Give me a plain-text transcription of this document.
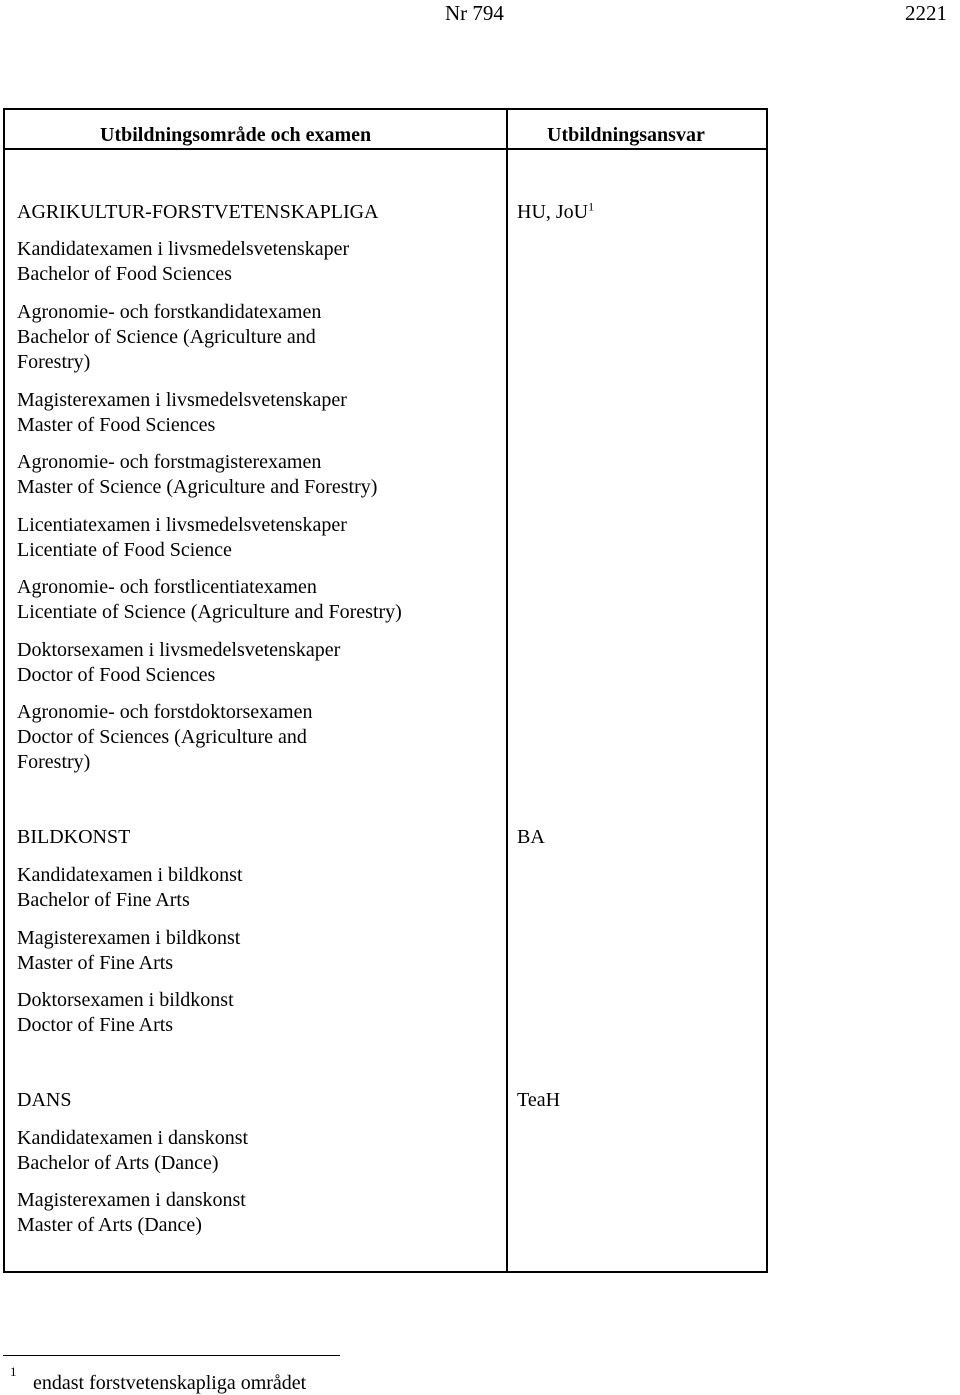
Nr 794	2221
Utbildningsområde och examen	Utbildningsansvar
AGRIKULTUR-FORSTVETENSKAPLIGA	HU, JoU$^1$
Kandidatexamen i livsmedelsvetenskaper
Bachelor of Food Sciences
Agronomie- och forstkandidatexamen
Bachelor of Science (Agriculture and
Forestry)
Magisterexamen i livsmedelsvetenskaper
Master of Food Sciences
Agronomie- och forstmagisterexamen
Master of Science (Agriculture and Forestry)
Licentiatexamen i livsmedelsvetenskaper
Licentiate of Food Science
Agronomie- och forstlicentiatexamen
Licentiate of Science (Agriculture and Forestry)
Doktorsexamen i livsmedelsvetenskaper
Doctor of Food Sciences
Agronomie- och forstdoktorsexamen
Doctor of Sciences (Agriculture and
Forestry)
BILDKONST	BA
Kandidatexamen i bildkonst
Bachelor of Fine Arts
Magisterexamen i bildkonst
Master of Fine Arts
Doktorsexamen i bildkonst
Doctor of Fine Arts
DANS	TeaH
Kandidatexamen i danskonst
Bachelor of Arts (Dance)
Magisterexamen i danskonst
Master of Arts (Dance)
1
endast forstvetenskapliga området
